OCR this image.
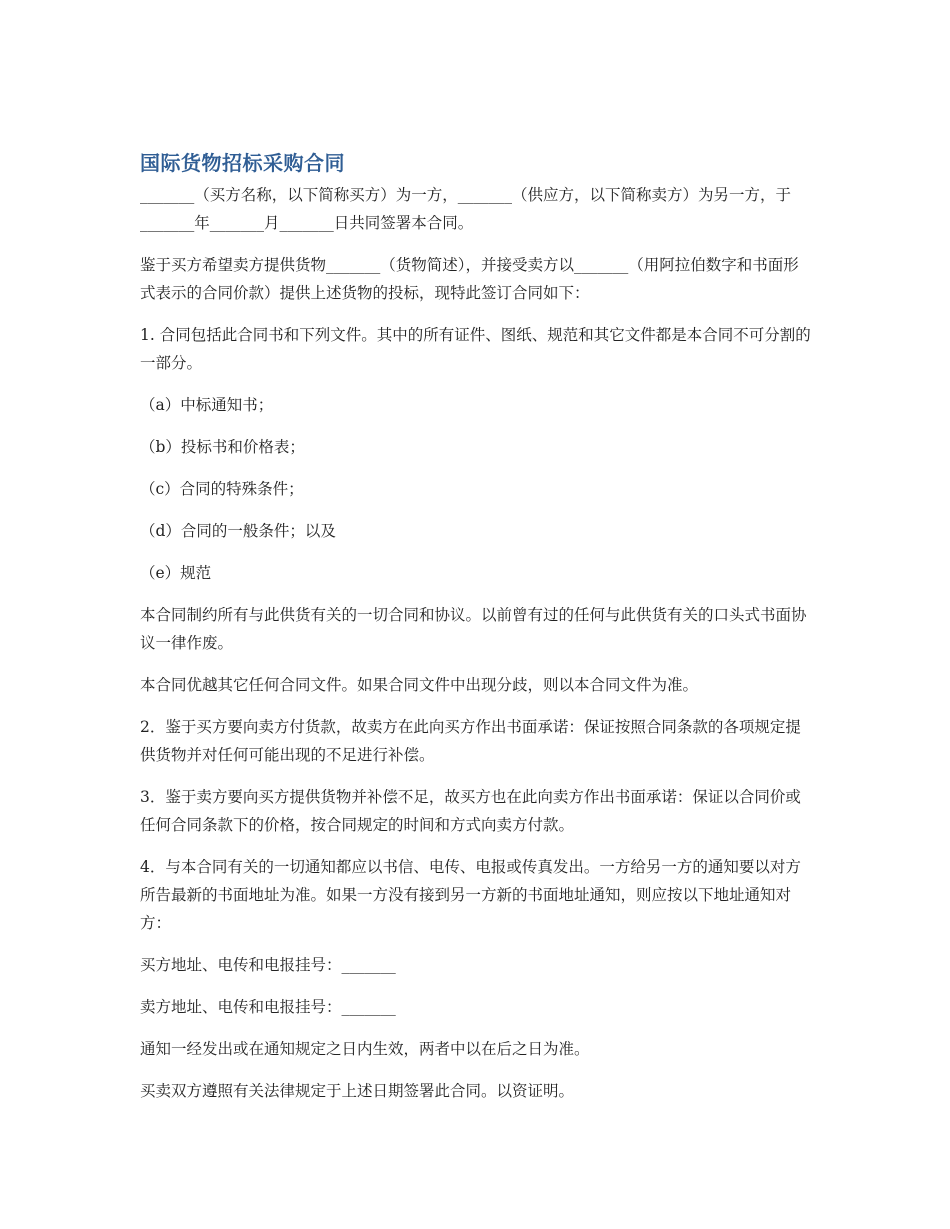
国际货物招标采购合同

_______（买方名称，以下简称买方）为一方，_______（供应方，以下简称卖方）为另一方，于_______年_______月_______日共同签署本合同。

鉴于买方希望卖方提供货物_______（货物简述），并接受卖方以_______（用阿拉伯数字和书面形式表示的合同价款）提供上述货物的投标，现特此签订合同如下：

1. 合同包括此合同书和下列文件。其中的所有证件、图纸、规范和其它文件都是本合同不可分割的一部分。

（a）中标通知书；

（b）投标书和价格表；

（c）合同的特殊条件；

（d）合同的一般条件；以及

（e）规范

本合同制约所有与此供货有关的一切合同和协议。以前曾有过的任何与此供货有关的口头式书面协议一律作废。

本合同优越其它任何合同文件。如果合同文件中出现分歧，则以本合同文件为准。

2．鉴于买方要向卖方付货款，故卖方在此向买方作出书面承诺：保证按照合同条款的各项规定提供货物并对任何可能出现的不足进行补偿。

3．鉴于卖方要向买方提供货物并补偿不足，故买方也在此向卖方作出书面承诺：保证以合同价或任何合同条款下的价格，按合同规定的时间和方式向卖方付款。

4．与本合同有关的一切通知都应以书信、电传、电报或传真发出。一方给另一方的通知要以对方所告最新的书面地址为准。如果一方没有接到另一方新的书面地址通知，则应按以下地址通知对方：

买方地址、电传和电报挂号：_______

卖方地址、电传和电报挂号：_______

通知一经发出或在通知规定之日内生效，两者中以在后之日为准。

买卖双方遵照有关法律规定于上述日期签署此合同。以资证明。
